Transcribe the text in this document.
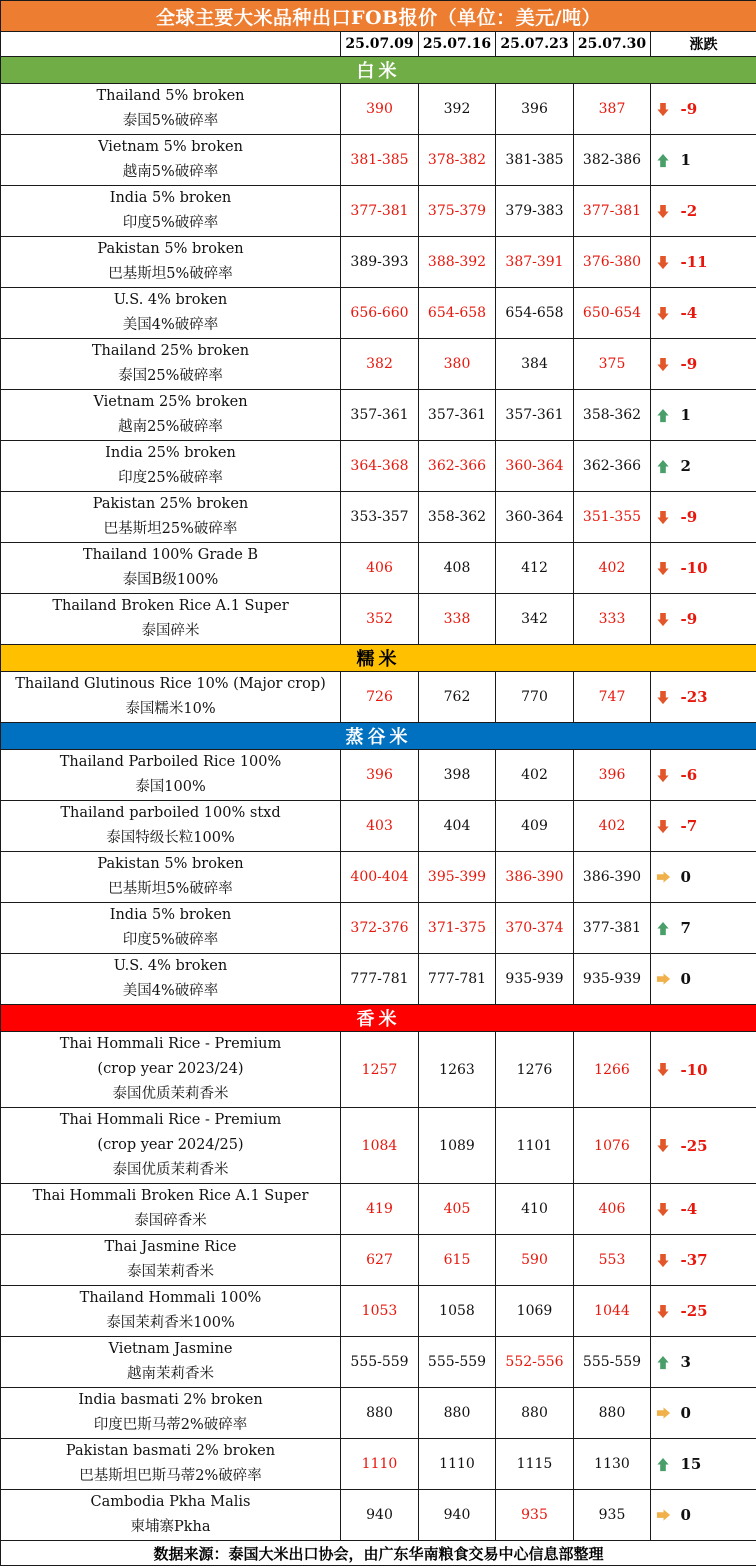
全球主要大米品种出口FOB报价（单位：美元/吨）						
	25.07.09	25.07.16	25.07.23	25.07.30	涨跌	
白米						

Thailand 5% broken
泰国5%破碎率	390	392	396	387		-9

Vietnam 5% broken
越南5%破碎率	381-385	378-382	381-385	382-386		1

India 5% broken
印度5%破碎率	377-381	375-379	379-383	377-381		-2

Pakistan 5% broken
巴基斯坦5%破碎率	389-393	388-392	387-391	376-380		-11

U.S. 4% broken
美国4%破碎率	656-660	654-658	654-658	650-654		-4

Thailand 25% broken
泰国25%破碎率	382	380	384	375		-9

Vietnam 25% broken
越南25%破碎率	357-361	357-361	357-361	358-362		1

India 25% broken
印度25%破碎率	364-368	362-366	360-364	362-366		2

Pakistan 25% broken
巴基斯坦25%破碎率	353-357	358-362	360-364	351-355		-9

Thailand 100% Grade B
泰国B级100%	406	408	412	402		-10

Thailand Broken Rice A.1 Super
泰国碎米	352	338	342	333		-9
糯米						

Thailand Glutinous Rice 10% (Major crop)
泰国糯米10%	726	762	770	747		-23
蒸谷米						

Thailand Parboiled Rice 100%
泰国100%	396	398	402	396		-6

Thailand parboiled 100% stxd
泰国特级长粒100%	403	404	409	402		-7

Pakistan 5% broken
巴基斯坦5%破碎率	400-404	395-399	386-390	386-390		0

India 5% broken
印度5%破碎率	372-376	371-375	370-374	377-381		7

U.S. 4% broken
美国4%破碎率	777-781	777-781	935-939	935-939		0
香米						

Thai Hommali Rice - Premium
(crop year 2023/24)
泰国优质茉莉香米	1257	1263	1276	1266		-10

Thai Hommali Rice - Premium
(crop year 2024/25)
泰国优质茉莉香米	1084	1089	1101	1076		-25

Thai Hommali Broken Rice A.1 Super
泰国碎香米	419	405	410	406		-4

Thai Jasmine Rice
泰国茉莉香米	627	615	590	553		-37

Thailand Hommali 100%
泰国茉莉香米100%	1053	1058	1069	1044		-25

Vietnam Jasmine
越南茉莉香米	555-559	555-559	552-556	555-559		3

India basmati 2% broken
印度巴斯马蒂2%破碎率	880	880	880	880		0

Pakistan basmati 2% broken
巴基斯坦巴斯马蒂2%破碎率	1110	1110	1115	1130		15

Cambodia Pkha Malis
柬埔寨Pkha	940	940	935	935		0
数据来源：泰国大米出口协会，由广东华南粮食交易中心信息部整理						
